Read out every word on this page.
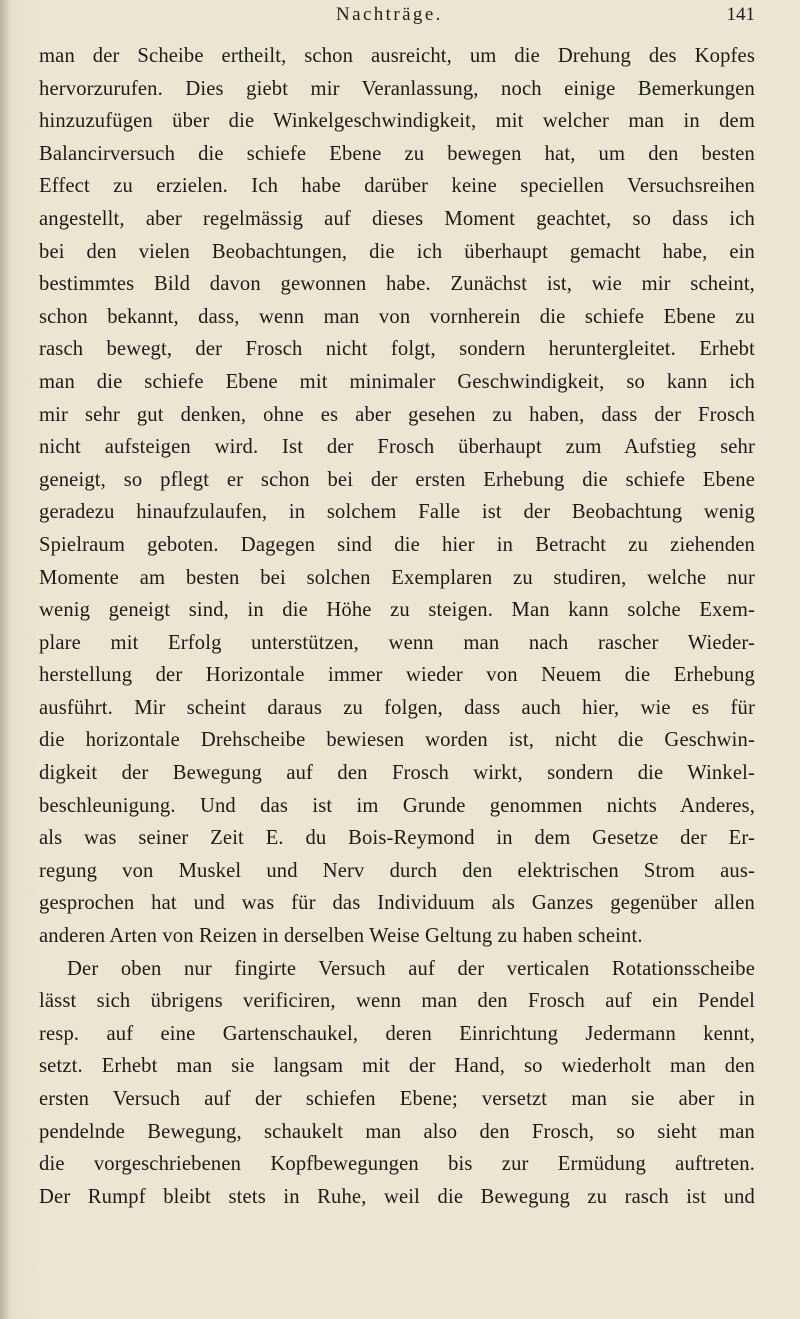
Nachträge.	141
man der Scheibe ertheilt, schon ausreicht, um die Drehung des Kopfes
hervorzurufen. Dies giebt mir Veranlassung, noch einige Bemerkungen
hinzuzufügen über die Winkelgeschwindigkeit, mit welcher man in dem
Balancirversuch die schiefe Ebene zu bewegen hat, um den besten
Effect zu erzielen. Ich habe darüber keine speciellen Versuchsreihen
angestellt, aber regelmässig auf dieses Moment geachtet, so dass ich
bei den vielen Beobachtungen, die ich überhaupt gemacht habe, ein
bestimmtes Bild davon gewonnen habe. Zunächst ist, wie mir scheint,
schon bekannt, dass, wenn man von vornherein die schiefe Ebene zu
rasch bewegt, der Frosch nicht folgt, sondern heruntergleitet. Erhebt
man die schiefe Ebene mit minimaler Geschwindigkeit, so kann ich
mir sehr gut denken, ohne es aber gesehen zu haben, dass der Frosch
nicht aufsteigen wird. Ist der Frosch überhaupt zum Aufstieg sehr
geneigt, so pflegt er schon bei der ersten Erhebung die schiefe Ebene
geradezu hinaufzulaufen, in solchem Falle ist der Beobachtung wenig
Spielraum geboten. Dagegen sind die hier in Betracht zu ziehenden
Momente am besten bei solchen Exemplaren zu studiren, welche nur
wenig geneigt sind, in die Höhe zu steigen. Man kann solche Exem-
plare mit Erfolg unterstützen, wenn man nach rascher Wieder-
herstellung der Horizontale immer wieder von Neuem die Erhebung
ausführt. Mir scheint daraus zu folgen, dass auch hier, wie es für
die horizontale Drehscheibe bewiesen worden ist, nicht die Geschwin-
digkeit der Bewegung auf den Frosch wirkt, sondern die Winkel-
beschleunigung. Und das ist im Grunde genommen nichts Anderes,
als was seiner Zeit E. du Bois-Reymond in dem Gesetze der Er-
regung von Muskel und Nerv durch den elektrischen Strom aus-
gesprochen hat und was für das Individuum als Ganzes gegenüber allen
anderen Arten von Reizen in derselben Weise Geltung zu haben scheint.
Der oben nur fingirte Versuch auf der verticalen Rotationsscheibe
lässt sich übrigens verificiren, wenn man den Frosch auf ein Pendel
resp. auf eine Gartenschaukel, deren Einrichtung Jedermann kennt,
setzt. Erhebt man sie langsam mit der Hand, so wiederholt man den
ersten Versuch auf der schiefen Ebene; versetzt man sie aber in
pendelnde Bewegung, schaukelt man also den Frosch, so sieht man
die vorgeschriebenen Kopfbewegungen bis zur Ermüdung auftreten.
Der Rumpf bleibt stets in Ruhe, weil die Bewegung zu rasch ist und
